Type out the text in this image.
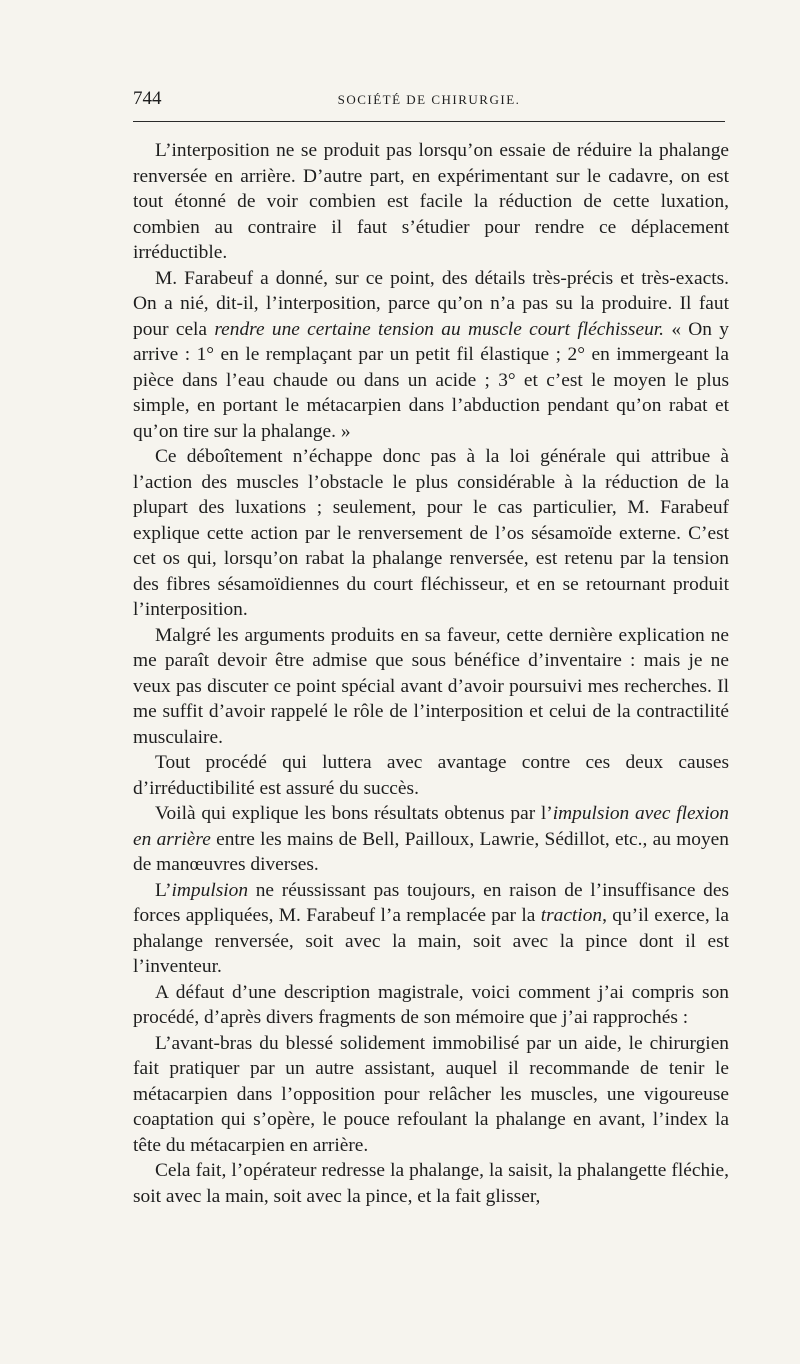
744	SOCIÉTÉ DE CHIRURGIE.

L’interposition ne se produit pas lorsqu’on essaie de réduire la phalange renversée en arrière. D’autre part, en expérimentant sur le cadavre, on est tout étonné de voir combien est facile la réduction de cette luxation, combien au contraire il faut s’étudier pour rendre ce déplacement irréductible.

M. Farabeuf a donné, sur ce point, des détails très-précis et très-exacts. On a nié, dit-il, l’interposition, parce qu’on n’a pas su la produire. Il faut pour cela rendre une certaine tension au muscle court fléchisseur. « On y arrive : 1° en le remplaçant par un petit fil élastique ; 2° en immergeant la pièce dans l’eau chaude ou dans un acide ; 3° et c’est le moyen le plus simple, en portant le métacarpien dans l’abduction pendant qu’on rabat et qu’on tire sur la phalange. »

Ce déboîtement n’échappe donc pas à la loi générale qui attribue à l’action des muscles l’obstacle le plus considérable à la réduction de la plupart des luxations ; seulement, pour le cas particulier, M. Farabeuf explique cette action par le renversement de l’os sésamoïde externe. C’est cet os qui, lorsqu’on rabat la phalange renversée, est retenu par la tension des fibres sésamoïdiennes du court fléchisseur, et en se retournant produit l’interposition.

Malgré les arguments produits en sa faveur, cette dernière explication ne me paraît devoir être admise que sous bénéfice d’inventaire : mais je ne veux pas discuter ce point spécial avant d’avoir poursuivi mes recherches. Il me suffit d’avoir rappelé le rôle de l’interposition et celui de la contractilité musculaire.

Tout procédé qui luttera avec avantage contre ces deux causes d’irréductibilité est assuré du succès.

Voilà qui explique les bons résultats obtenus par l’impulsion avec flexion en arrière entre les mains de Bell, Pailloux, Lawrie, Sédillot, etc., au moyen de manœuvres diverses.

L’impulsion ne réussissant pas toujours, en raison de l’insuffisance des forces appliquées, M. Farabeuf l’a remplacée par la traction, qu’il exerce, la phalange renversée, soit avec la main, soit avec la pince dont il est l’inventeur.

A défaut d’une description magistrale, voici comment j’ai compris son procédé, d’après divers fragments de son mémoire que j’ai rapprochés :

L’avant-bras du blessé solidement immobilisé par un aide, le chirurgien fait pratiquer par un autre assistant, auquel il recommande de tenir le métacarpien dans l’opposition pour relâcher les muscles, une vigoureuse coaptation qui s’opère, le pouce refoulant la phalange en avant, l’index la tête du métacarpien en arrière.

Cela fait, l’opérateur redresse la phalange, la saisit, la phalangette fléchie, soit avec la main, soit avec la pince, et la fait glisser,
